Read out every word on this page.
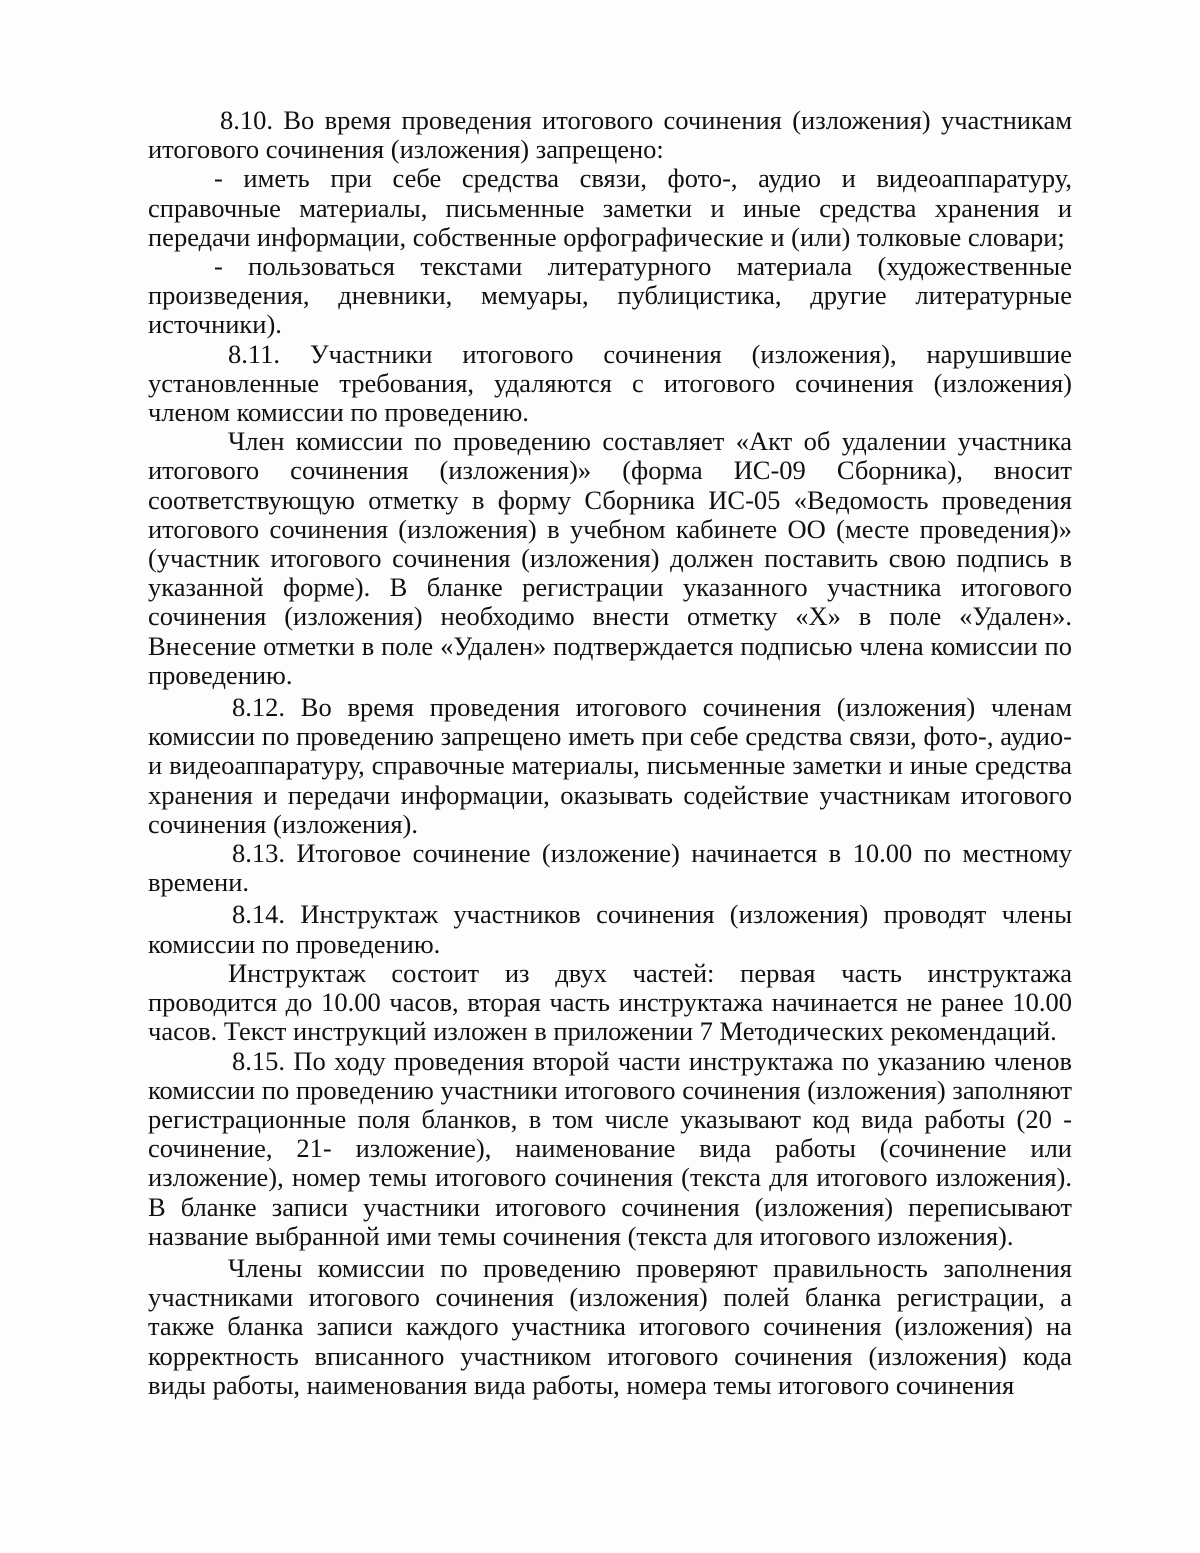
8.10. Во время проведения итогового сочинения (изложения) участникам итогового сочинения (изложения) запрещено:

- иметь при себе средства связи, фото-, аудио и видеоаппаратуру, справочные материалы, письменные заметки и иные средства хранения и передачи информации, собственные орфографические и (или) толковые словари;

- пользоваться текстами литературного материала (художественные произведения, дневники, мемуары, публицистика, другие литературные источники).

8.11. Участники итогового сочинения (изложения), нарушившие установленные требования, удаляются с итогового сочинения (изложения) членом комиссии по проведению.

Член комиссии по проведению составляет «Акт об удалении участника итогового сочинения (изложения)» (форма ИС-09 Сборника), вносит соответствующую отметку в форму Сборника ИС-05 «Ведомость проведения итогового сочинения (изложения) в учебном кабинете ОО (месте проведения)» (участник итогового сочинения (изложения) должен поставить свою подпись в указанной форме). В бланке регистрации указанного участника итогового сочинения (изложения) необходимо внести отметку «X» в поле «Удален». Внесение отметки в поле «Удален» подтверждается подписью члена комиссии по проведению.

8.12. Во время проведения итогового сочинения (изложения) членам комиссии по проведению запрещено иметь при себе средства связи, фото-, аудио- и видеоаппаратуру, справочные материалы, письменные заметки и иные средства хранения и передачи информации, оказывать содействие участникам итогового сочинения (изложения).

8.13. Итоговое сочинение (изложение) начинается в 10.00 по местному времени.

8.14. Инструктаж участников сочинения (изложения) проводят члены комиссии по проведению.

Инструктаж состоит из двух частей: первая часть инструктажа проводится до 10.00 часов, вторая часть инструктажа начинается не ранее 10.00 часов. Текст инструкций изложен в приложении 7 Методических рекомендаций.

8.15. По ходу проведения второй части инструктажа по указанию членов комиссии по проведению участники итогового сочинения (изложения) заполняют регистрационные поля бланков, в том числе указывают код вида работы (20 - сочинение, 21- изложение), наименование вида работы (сочинение или изложение), номер темы итогового сочинения (текста для итогового изложения). В бланке записи участники итогового сочинения (изложения) переписывают название выбранной ими темы сочинения (текста для итогового изложения).

Члены комиссии по проведению проверяют правильность заполнения участниками итогового сочинения (изложения) полей бланка регистрации, а также бланка записи каждого участника итогового сочинения (изложения) на корректность вписанного участником итогового сочинения (изложения) кода виды работы, наименования вида работы, номера темы итогового сочинения
